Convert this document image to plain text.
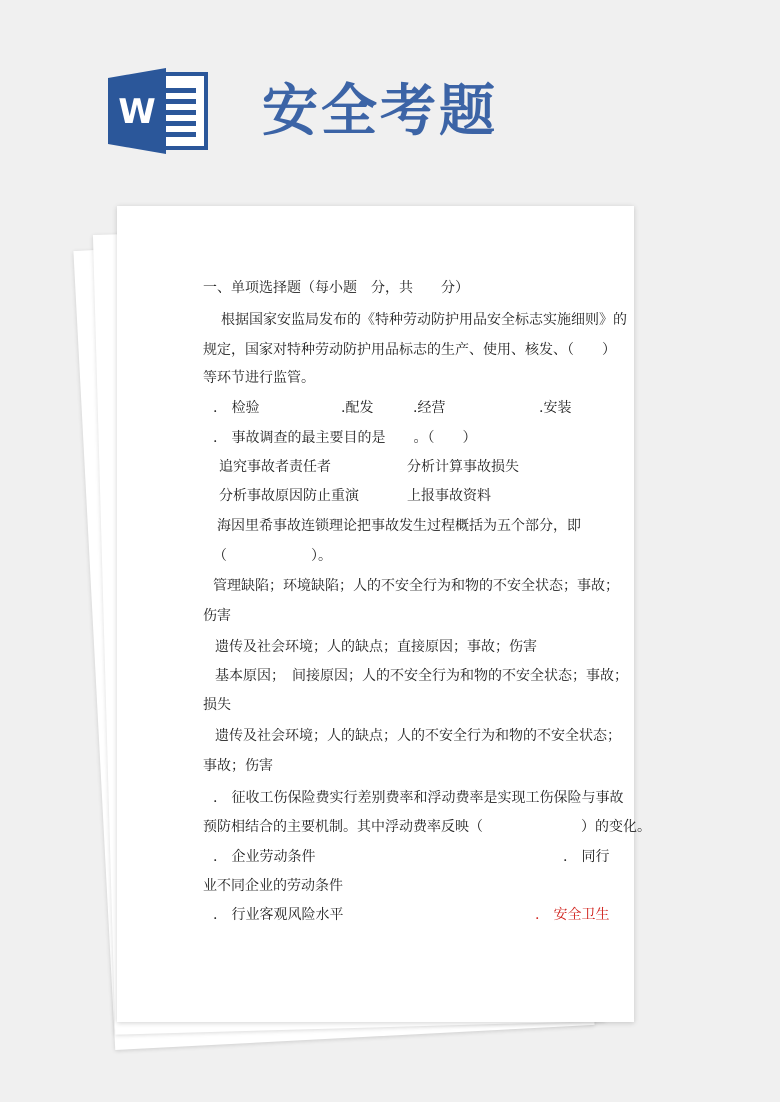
W 安全考题
一、单项选择题（每小题　分，共　　分）
根据国家安监局发布的《特种劳动防护用品安全标志实施细则》的
规定，国家对特种劳动防护用品标志的生产、使用、核发、（　　）
等环节进行监管。
.　检验	.配发	.经营	.安装
.　事故调查的最主要目的是　　。（　　）
追究事故者责任者	分析计算事故损失
分析事故原因防止重演	上报事故资料
海因里希事故连锁理论把事故发生过程概括为五个部分，即
（　　　　　　）。
管理缺陷；环境缺陷；人的不安全行为和物的不安全状态；事故；
伤害
遗传及社会环境；人的缺点；直接原因；事故；伤害
基本原因；　间接原因；人的不安全行为和物的不安全状态；事故；
损失
遗传及社会环境；人的缺点；人的不安全行为和物的不安全状态；
事故；伤害
.　征收工伤保险费实行差别费率和浮动费率是实现工伤保险与事故
预防相结合的主要机制。其中浮动费率反映（　　　　　　　）的变化。
.　企业劳动条件	.　同行
业不同企业的劳动条件
.　行业客观风险水平	.　安全卫生
